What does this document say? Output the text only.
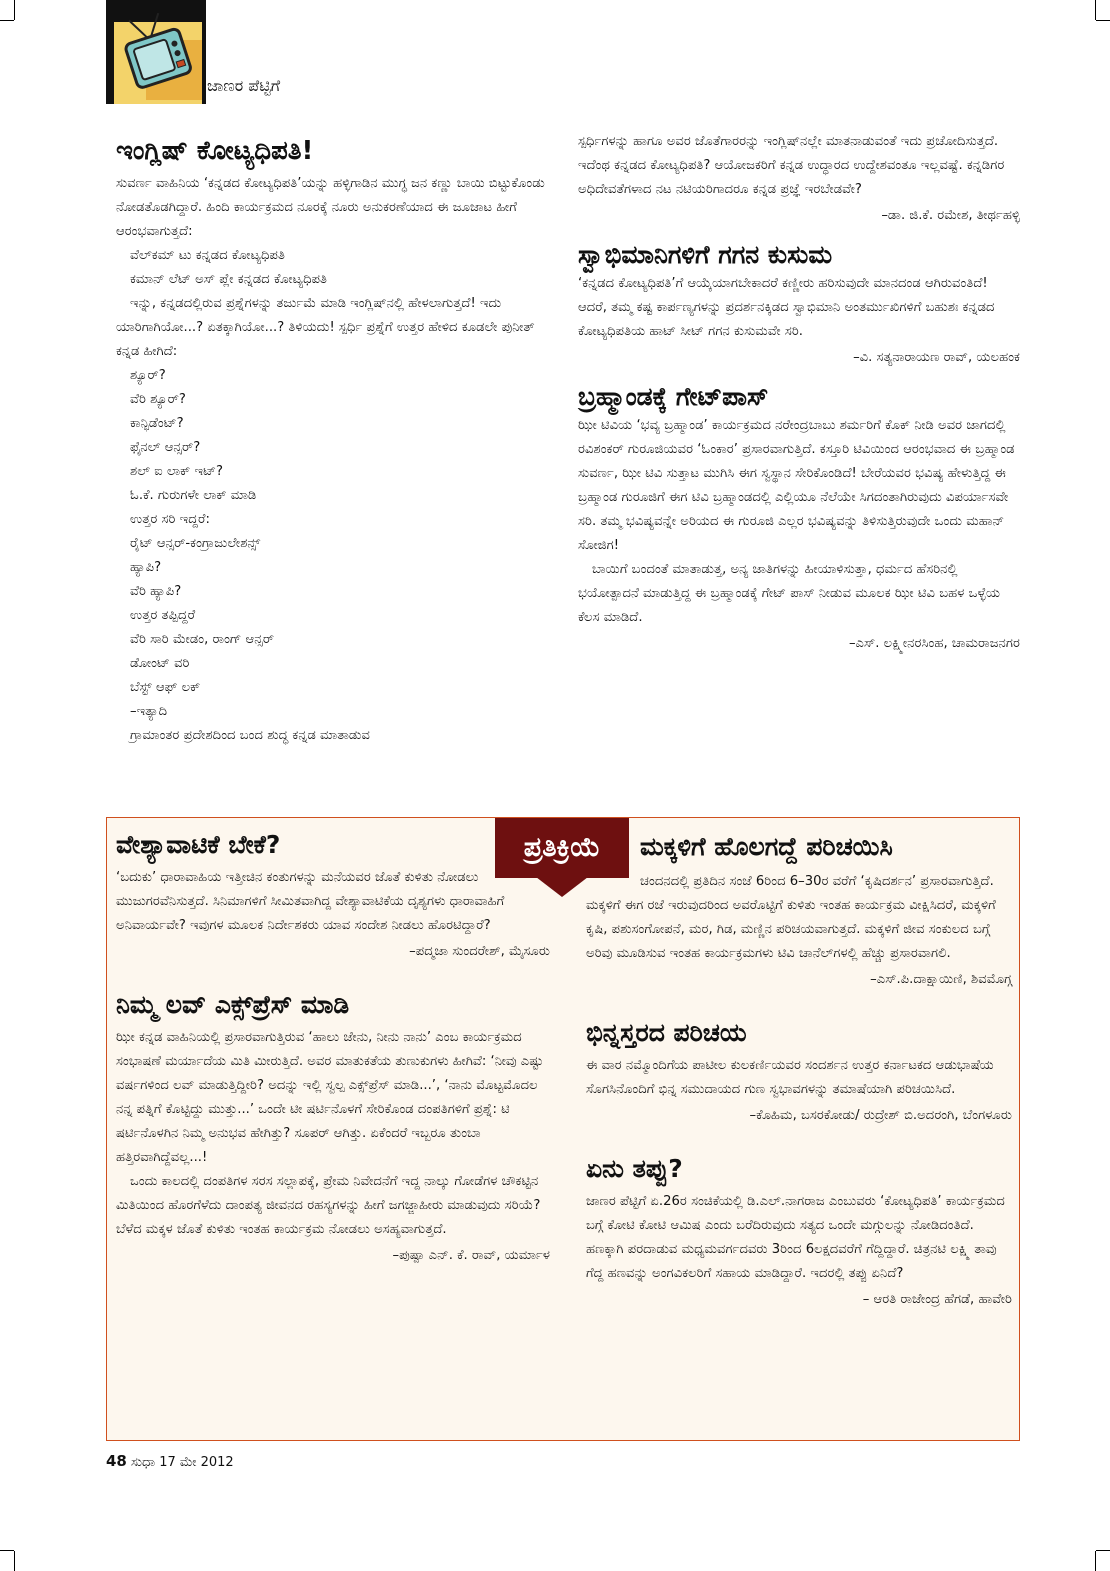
ಜಾಣರ ಪೆಟ್ಟಿಗೆ
ಇಂಗ್ಲಿಷ್ ಕೋಟ್ಯಧಿಪತಿ!

ಸುವರ್ಣ ವಾಹಿನಿಯ ‘ಕನ್ನಡದ ಕೋಟ್ಯಧಿಪತಿ’ಯನ್ನು ಹಳ್ಳಿಗಾಡಿನ ಮುಗ್ಧ ಜನ ಕಣ್ಣು ಬಾಯಿ ಬಿಟ್ಟುಕೊಂಡು ನೋಡತೊಡಗಿದ್ದಾರೆ. ಹಿಂದಿ ಕಾರ್ಯಕ್ರಮದ ನೂರಕ್ಕೆ ನೂರು ಅನುಕರಣೆಯಾದ ಈ ಜೂಜಾಟ ಹೀಗೆ ಆರಂಭವಾಗುತ್ತದೆ:

ವೆಲ್‌ಕಮ್ ಟು ಕನ್ನಡದ ಕೋಟ್ಯಧಿಪತಿ

ಕಮಾನ್ ಲೆಟ್ ಅಸ್ ಪ್ಲೇ ಕನ್ನಡದ ಕೋಟ್ಯಧಿಪತಿ

ಇನ್ನು, ಕನ್ನಡದಲ್ಲಿರುವ ಪ್ರಶ್ನೆಗಳನ್ನು ತರ್ಜುಮೆ ಮಾಡಿ ಇಂಗ್ಲಿಷ್‌ನಲ್ಲಿ ಹೇಳಲಾಗುತ್ತದೆ! ಇದು ಯಾರಿಗಾಗಿಯೋ...? ಏತಕ್ಕಾಗಿಯೋ...? ತಿಳಿಯದು! ಸ್ಪರ್ಧಿ ಪ್ರಶ್ನೆಗೆ ಉತ್ತರ ಹೇಳಿದ ಕೂಡಲೇ ಪುನೀತ್ ಕನ್ನಡ ಹೀಗಿದೆ:

ಶ್ಯೂರ್?

ವೆರಿ ಶ್ಯೂರ್?

ಕಾನ್ಫಿಡೆಂಟ್?

ಫೈನಲ್ ಆನ್ಸರ್?

ಶಲ್ ಐ ಲಾಕ್ ಇಟ್?

ಓ.ಕೆ. ಗುರುಗಳೇ ಲಾಕ್ ಮಾಡಿ

ಉತ್ತರ ಸರಿ ಇದ್ದರೆ:

ರೈಟ್ ಆನ್ಸರ್-ಕಂಗ್ರಾಜುಲೇಶನ್ಸ್

ಹ್ಯಾಪಿ?

ವೆರಿ ಹ್ಯಾಪಿ?

ಉತ್ತರ ತಪ್ಪಿದ್ದರೆ

ವೆರಿ ಸಾರಿ ಮೇಡಂ, ರಾಂಗ್ ಆನ್ಸರ್

ಡೋಂಟ್ ವರಿ

ಬೆಸ್ಟ್ ಆಫ್ ಲಕ್

–ಇತ್ಯಾದಿ

ಗ್ರಾಮಾಂತರ ಪ್ರದೇಶದಿಂದ ಬಂದ ಶುದ್ಧ ಕನ್ನಡ ಮಾತಾಡುವ

ಸ್ಪರ್ಧಿಗಳನ್ನು ಹಾಗೂ ಅವರ ಜೊತೆಗಾರರನ್ನು ಇಂಗ್ಲಿಷ್‌ನಲ್ಲೇ ಮಾತನಾಡುವಂತೆ ಇದು ಪ್ರಚೋದಿಸುತ್ತದೆ. ಇದೆಂಥ ಕನ್ನಡದ ಕೋಟ್ಯಧಿಪತಿ? ಆಯೋಜಕರಿಗೆ ಕನ್ನಡ ಉದ್ಧಾರದ ಉದ್ದೇಶವಂತೂ ಇಲ್ಲವಷ್ಟೆ. ಕನ್ನಡಿಗರ ಅಧಿದೇವತೆಗಳಾದ ನಟ ನಟಿಯರಿಗಾದರೂ ಕನ್ನಡ ಪ್ರಜ್ಞೆ ಇರಬೇಡವೇ?

–ಡಾ. ಜಿ.ಕೆ. ರಮೇಶ, ತೀರ್ಥಹಳ್ಳಿ

ಸ್ವಾಭಿಮಾನಿಗಳಿಗೆ ಗಗನ ಕುಸುಮ

‘ಕನ್ನಡದ ಕೋಟ್ಯಧಿಪತಿ’ಗೆ ಆಯ್ಕೆಯಾಗಬೇಕಾದರೆ ಕಣ್ಣೀರು ಹರಿಸುವುದೇ ಮಾನದಂಡ ಆಗಿರುವಂತಿದೆ! ಆದರೆ, ತಮ್ಮ ಕಷ್ಟ ಕಾರ್ಪಣ್ಯಗಳನ್ನು ಪ್ರದರ್ಶನಕ್ಕಿಡದ ಸ್ವಾಭಿಮಾನಿ ಅಂತರ್ಮುಖಿಗಳಿಗೆ ಬಹುಶಃ ಕನ್ನಡದ ಕೋಟ್ಯಧಿಪತಿಯ ಹಾಟ್ ಸೀಟ್ ಗಗನ ಕುಸುಮವೇ ಸರಿ.

–ವಿ. ಸತ್ಯನಾರಾಯಣ ರಾವ್, ಯಲಹಂಕ

ಬ್ರಹ್ಮಾಂಡಕ್ಕೆ ಗೇಟ್‌ಪಾಸ್

ಝೀ ಟಿವಿಯ ‘ಭವ್ಯ ಬ್ರಹ್ಮಾಂಡ’ ಕಾರ್ಯಕ್ರಮದ ನರೇಂದ್ರಬಾಬು ಶರ್ಮರಿಗೆ ಕೊಕ್ ನೀಡಿ ಅವರ ಜಾಗದಲ್ಲಿ ರವಿಶಂಕರ್ ಗುರೂಜಿಯವರ ‘ಓಂಕಾರ’ ಪ್ರಸಾರವಾಗುತ್ತಿದೆ. ಕಸ್ತೂರಿ ಟಿವಿಯಿಂದ ಆರಂಭವಾದ ಈ ಬ್ರಹ್ಮಾಂಡ ಸುವರ್ಣ, ಝೀ ಟಿವಿ ಸುತ್ತಾಟ ಮುಗಿಸಿ ಈಗ ಸ್ವಸ್ಥಾನ ಸೇರಿಕೊಂಡಿದೆ! ಬೇರೆಯವರ ಭವಿಷ್ಯ ಹೇಳುತ್ತಿದ್ದ ಈ ಬ್ರಹ್ಮಾಂಡ ಗುರೂಜಿಗೆ ಈಗ ಟಿವಿ ಬ್ರಹ್ಮಾಂಡದಲ್ಲಿ ಎಲ್ಲಿಯೂ ನೆಲೆಯೇ ಸಿಗದಂತಾಗಿರುವುದು ವಿಪರ್ಯಾಸವೇ ಸರಿ. ತಮ್ಮ ಭವಿಷ್ಯವನ್ನೇ ಅರಿಯದ ಈ ಗುರೂಜಿ ಎಲ್ಲರ ಭವಿಷ್ಯವನ್ನು ತಿಳಿಸುತ್ತಿರುವುದೇ ಒಂದು ಮಹಾನ್ ಸೋಜಿಗ!

ಬಾಯಿಗೆ ಬಂದಂತೆ ಮಾತಾಡುತ್ತ, ಅನ್ಯ ಜಾತಿಗಳನ್ನು ಹೀಯಾಳಿಸುತ್ತಾ, ಧರ್ಮದ ಹೆಸರಿನಲ್ಲಿ ಭಯೋತ್ಪಾದನೆ ಮಾಡುತ್ತಿದ್ದ ಈ ಬ್ರಹ್ಮಾಂಡಕ್ಕೆ ಗೇಟ್ ಪಾಸ್ ನೀಡುವ ಮೂಲಕ ಝೀ ಟಿವಿ ಬಹಳ ಒಳ್ಳೆಯ ಕೆಲಸ ಮಾಡಿದೆ.

–ಎಸ್. ಲಕ್ಷ್ಮೀನರಸಿಂಹ, ಚಾಮರಾಜನಗರ

ಪ್ರತಿಕ್ರಿಯೆ
ವೇಶ್ಯಾವಾಟಿಕೆ ಬೇಕೆ?

‘ಬದುಕು’ ಧಾರಾವಾಹಿಯ ಇತ್ತೀಚಿನ ಕಂತುಗಳನ್ನು ಮನೆಯವರ ಜೊತೆ ಕುಳಿತು ನೋಡಲು ಮುಜುಗರವೆನಿಸುತ್ತದೆ. ಸಿನಿಮಾಗಳಿಗೆ ಸೀಮಿತವಾಗಿದ್ದ ವೇಶ್ಯಾವಾಟಿಕೆಯ ದೃಶ್ಯಗಳು ಧಾರಾವಾಹಿಗೆ ಅನಿವಾರ್ಯವೇ? ಇವುಗಳ ಮೂಲಕ ನಿರ್ದೇಶಕರು ಯಾವ ಸಂದೇಶ ನೀಡಲು ಹೊರಟಿದ್ದಾರೆ?

–ಪದ್ಮಜಾ ಸುಂದರೇಶ್, ಮೈಸೂರು

ನಿಮ್ಮ ಲವ್ ಎಕ್ಸ್‌ಪ್ರೆಸ್ ಮಾಡಿ

ಝೀ ಕನ್ನಡ ವಾಹಿನಿಯಲ್ಲಿ ಪ್ರಸಾರವಾಗುತ್ತಿರುವ ‘ಹಾಲು ಜೇನು, ನೀನು ನಾನು’ ಎಂಬ ಕಾರ್ಯಕ್ರಮದ ಸಂಭಾಷಣೆ ಮರ್ಯಾದೆಯ ಮಿತಿ ಮೀರುತ್ತಿದೆ. ಅವರ ಮಾತುಕತೆಯ ತುಣುಕುಗಳು ಹೀಗಿವೆ: ‘ನೀವು ಎಷ್ಟು ವರ್ಷಗಳಿಂದ ಲವ್ ಮಾಡುತ್ತಿದ್ದೀರಿ? ಅದನ್ನು ಇಲ್ಲಿ ಸ್ವಲ್ಪ ಎಕ್ಸ್‌ಪ್ರೆಸ್ ಮಾಡಿ...’, ‘ನಾನು ಮೊಟ್ಟಮೊದಲ ನನ್ನ ಪತ್ನಿಗೆ ಕೊಟ್ಟಿದ್ದು ಮುತ್ತು...’ ಒಂದೇ ಟೀ ಷರ್ಟಿನೊಳಗೆ ಸೇರಿಕೊಂಡ ದಂಪತಿಗಳಿಗೆ ಪ್ರಶ್ನೆ: ಟಿ ಷರ್ಟಿನೊಳಗಿನ ನಿಮ್ಮ ಅನುಭವ ಹೇಗಿತ್ತು? ಸೂಪರ್ ಆಗಿತ್ತು. ಏಕೆಂದರೆ ಇಬ್ಬರೂ ತುಂಬಾ ಹತ್ತಿರವಾಗಿದ್ದೆವಲ್ಲ...!

ಒಂದು ಕಾಲದಲ್ಲಿ ದಂಪತಿಗಳ ಸರಸ ಸಲ್ಲಾಪಕ್ಕೆ, ಪ್ರೇಮ ನಿವೇದನೆಗೆ ಇದ್ದ ನಾಲ್ಕು ಗೋಡೆಗಳ ಚೌಕಟ್ಟಿನ ಮಿತಿಯಿಂದ ಹೊರಗೆಳೆದು ದಾಂಪತ್ಯ ಜೀವನದ ರಹಸ್ಯಗಳನ್ನು ಹೀಗೆ ಜಗಜ್ಜಾಹೀರು ಮಾಡುವುದು ಸರಿಯೆ? ಬೆಳೆದ ಮಕ್ಕಳ ಜೊತೆ ಕುಳಿತು ಇಂತಹ ಕಾರ್ಯಕ್ರಮ ನೋಡಲು ಅಸಹ್ಯವಾಗುತ್ತದೆ.

–ಪುಷ್ಪಾ ಎನ್. ಕೆ. ರಾವ್, ಯರ್ಮಾಳ

ಮಕ್ಕಳಿಗೆ ಹೊಲಗದ್ದೆ ಪರಿಚಯಿಸಿ

ಚಂದನದಲ್ಲಿ ಪ್ರತಿದಿನ ಸಂಜೆ 6ರಿಂದ 6–30ರ ವರೆಗೆ ‘ಕೃಷಿದರ್ಶನ’ ಪ್ರಸಾರವಾಗುತ್ತಿದೆ. ಮಕ್ಕಳಿಗೆ ಈಗ ರಜೆ ಇರುವುದರಿಂದ ಅವರೊಟ್ಟಿಗೆ ಕುಳಿತು ಇಂತಹ ಕಾರ್ಯಕ್ರಮ ವೀಕ್ಷಿಸಿದರೆ, ಮಕ್ಕಳಿಗೆ ಕೃಷಿ, ಪಶುಸಂಗೋಪನೆ, ಮರ, ಗಿಡ, ಮಣ್ಣಿನ ಪರಿಚಯವಾಗುತ್ತದೆ. ಮಕ್ಕಳಿಗೆ ಜೀವ ಸಂಕುಲದ ಬಗ್ಗೆ ಅರಿವು ಮೂಡಿಸುವ ಇಂತಹ ಕಾರ್ಯಕ್ರಮಗಳು ಟಿವಿ ಚಾನೆಲ್‌ಗಳಲ್ಲಿ ಹೆಚ್ಚು ಪ್ರಸಾರವಾಗಲಿ.

–ಎಸ್.ಪಿ.ದಾಕ್ಷಾಯಿಣಿ, ಶಿವಮೊಗ್ಗ

ಭಿನ್ನಸ್ತರದ ಪರಿಚಯ

ಈ ವಾರ ನಮ್ಮೊಂದಿಗೆಯ ಪಾಟೀಲ ಕುಲಕರ್ಣಿಯವರ ಸಂದರ್ಶನ ಉತ್ತರ ಕರ್ನಾಟಕದ ಆಡುಭಾಷೆಯ ಸೊಗಸಿನೊಂದಿಗೆ ಭಿನ್ನ ಸಮುದಾಯದ ಗುಣ ಸ್ವಭಾವಗಳನ್ನು ತಮಾಷೆಯಾಗಿ ಪರಿಚಯಿಸಿದೆ.

–ಕೊಹಿಮ, ಬಸರಕೋಡು/ ರುದ್ರೇಶ್ ಬಿ.ಅದರಂಗಿ, ಬೆಂಗಳೂರು

ಏನು ತಪ್ಪು?

ಜಾಣರ ಪೆಟ್ಟಿಗೆ ಏ.26ರ ಸಂಚಿಕೆಯಲ್ಲಿ ಡಿ.ಎಲ್.ನಾಗರಾಜ ಎಂಬುವರು ‘ಕೋಟ್ಯಧಿಪತಿ’ ಕಾರ್ಯಕ್ರಮದ ಬಗ್ಗೆ ಕೋಟಿ ಕೋಟಿ ಆಮಿಷ ಎಂದು ಬರೆದಿರುವುದು ಸತ್ಯದ ಒಂದೇ ಮಗ್ಗುಲನ್ನು ನೋಡಿದಂತಿದೆ. ಹಣಕ್ಕಾಗಿ ಪರದಾಡುವ ಮಧ್ಯಮವರ್ಗದವರು 3ರಿಂದ 6ಲಕ್ಷದವರೆಗೆ ಗೆದ್ದಿದ್ದಾರೆ. ಚಿತ್ರನಟಿ ಲಕ್ಷ್ಮಿ ತಾವು ಗೆದ್ದ ಹಣವನ್ನು ಅಂಗವಿಕಲರಿಗೆ ಸಹಾಯ ಮಾಡಿದ್ದಾರೆ. ಇದರಲ್ಲಿ ತಪ್ಪು ಏನಿದೆ?

– ಆರತಿ ರಾಜೇಂದ್ರ ಹೆಗಡೆ, ಹಾವೇರಿ

48 ಸುಧಾ 17 ಮೇ 2012
